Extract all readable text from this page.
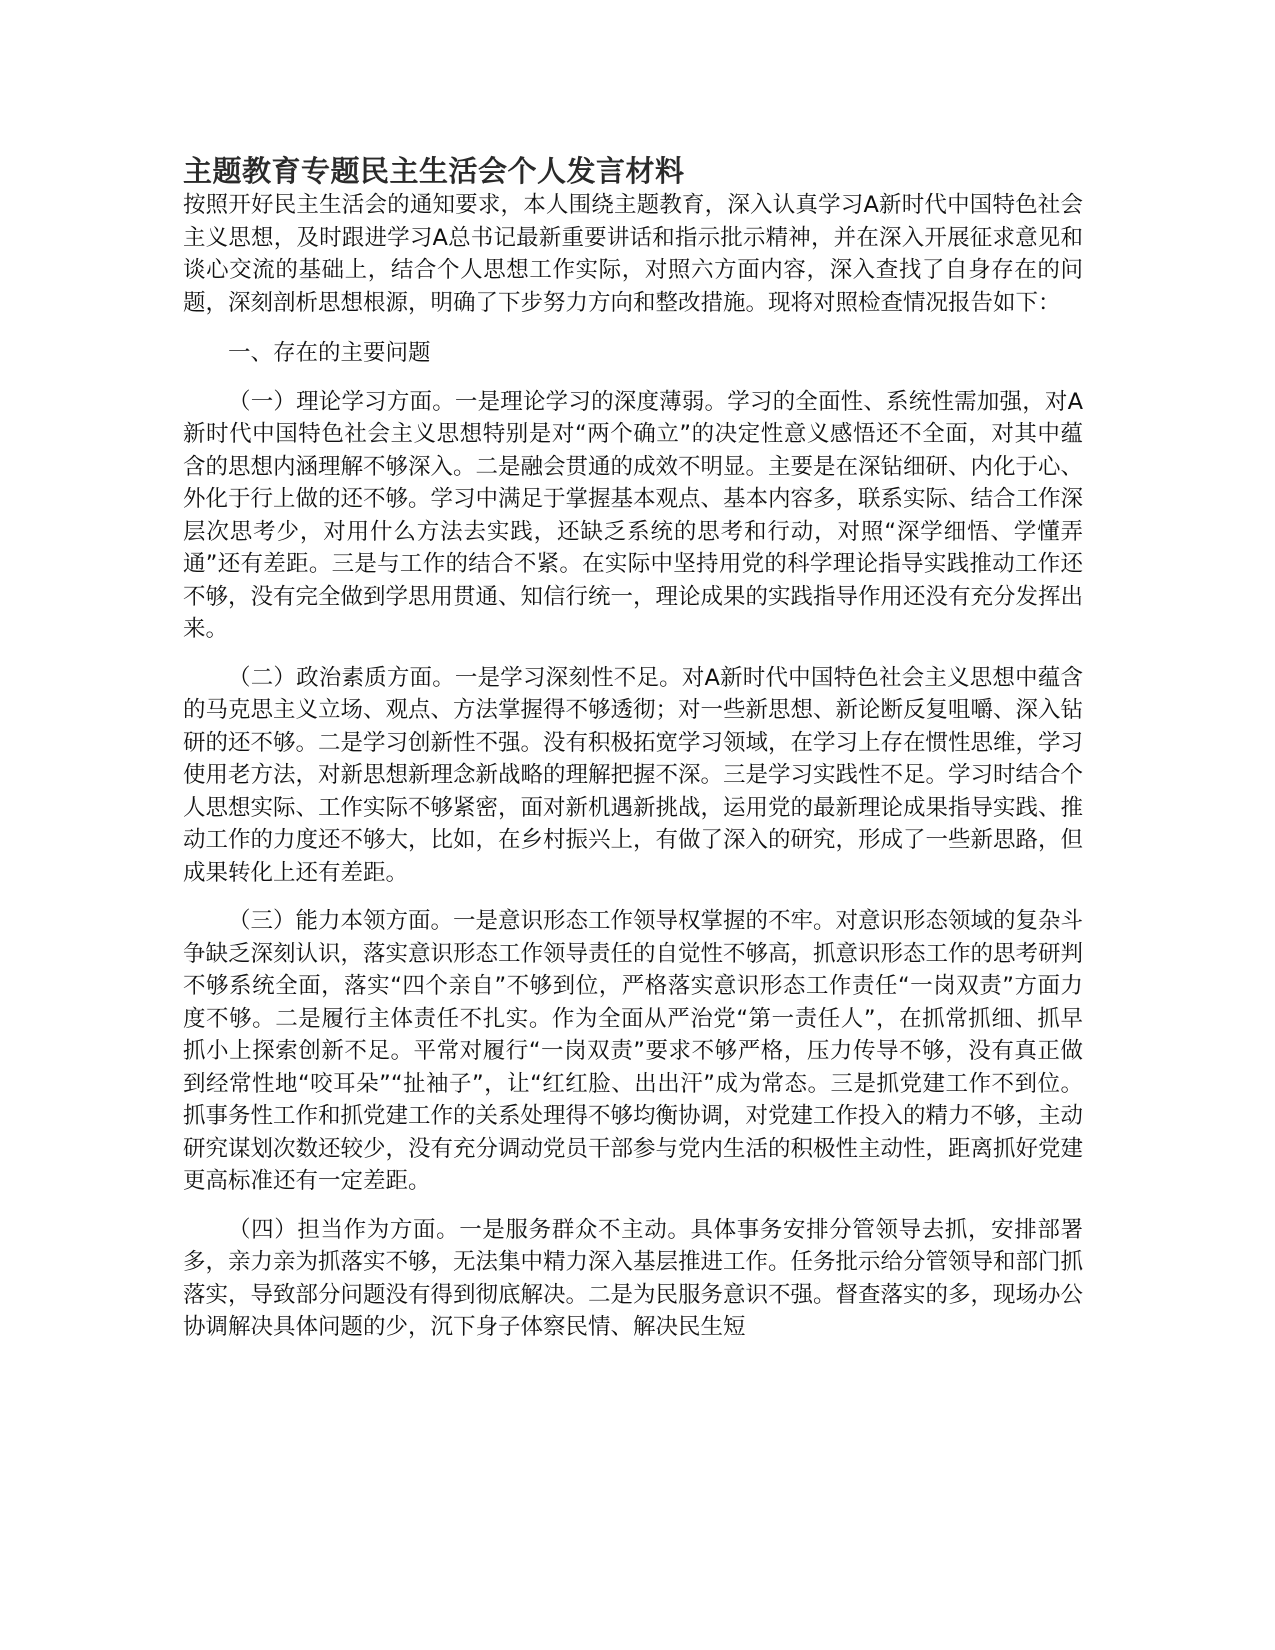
主题教育专题民主生活会个人发言材料

按照开好民主生活会的通知要求，本人围绕主题教育，深入认真学习A新时代中国特色社会主义思想，及时跟进学习A总书记最新重要讲话和指示批示精神，并在深入开展征求意见和谈心交流的基础上，结合个人思想工作实际，对照六方面内容，深入查找了自身存在的问题，深刻剖析思想根源，明确了下步努力方向和整改措施。现将对照检查情况报告如下：

一、存在的主要问题

（一）理论学习方面。一是理论学习的深度薄弱。学习的全面性、系统性需加强，对A新时代中国特色社会主义思想特别是对“两个确立”的决定性意义感悟还不全面，对其中蕴含的思想内涵理解不够深入。二是融会贯通的成效不明显。主要是在深钻细研、内化于心、外化于行上做的还不够。学习中满足于掌握基本观点、基本内容多，联系实际、结合工作深层次思考少，对用什么方法去实践，还缺乏系统的思考和行动，对照“深学细悟、学懂弄通”还有差距。三是与工作的结合不紧。在实际中坚持用党的科学理论指导实践推动工作还不够，没有完全做到学思用贯通、知信行统一，理论成果的实践指导作用还没有充分发挥出来。

（二）政治素质方面。一是学习深刻性不足。对A新时代中国特色社会主义思想中蕴含的马克思主义立场、观点、方法掌握得不够透彻；对一些新思想、新论断反复咀嚼、深入钻研的还不够。二是学习创新性不强。没有积极拓宽学习领域，在学习上存在惯性思维，学习使用老方法，对新思想新理念新战略的理解把握不深。三是学习实践性不足。学习时结合个人思想实际、工作实际不够紧密，面对新机遇新挑战，运用党的最新理论成果指导实践、推动工作的力度还不够大，比如，在乡村振兴上，有做了深入的研究，形成了一些新思路，但成果转化上还有差距。

（三）能力本领方面。一是意识形态工作领导权掌握的不牢。对意识形态领域的复杂斗争缺乏深刻认识，落实意识形态工作领导责任的自觉性不够高，抓意识形态工作的思考研判不够系统全面，落实“四个亲自”不够到位，严格落实意识形态工作责任“一岗双责”方面力度不够。二是履行主体责任不扎实。作为全面从严治党“第一责任人”，在抓常抓细、抓早抓小上探索创新不足。平常对履行“一岗双责”要求不够严格，压力传导不够，没有真正做到经常性地“咬耳朵”“扯袖子”，让“红红脸、出出汗”成为常态。三是抓党建工作不到位。抓事务性工作和抓党建工作的关系处理得不够均衡协调，对党建工作投入的精力不够，主动研究谋划次数还较少，没有充分调动党员干部参与党内生活的积极性主动性，距离抓好党建更高标准还有一定差距。

（四）担当作为方面。一是服务群众不主动。具体事务安排分管领导去抓，安排部署多，亲力亲为抓落实不够，无法集中精力深入基层推进工作。任务批示给分管领导和部门抓落实，导致部分问题没有得到彻底解决。二是为民服务意识不强。督查落实的多，现场办公协调解决具体问题的少，沉下身子体察民情、解决民生短
